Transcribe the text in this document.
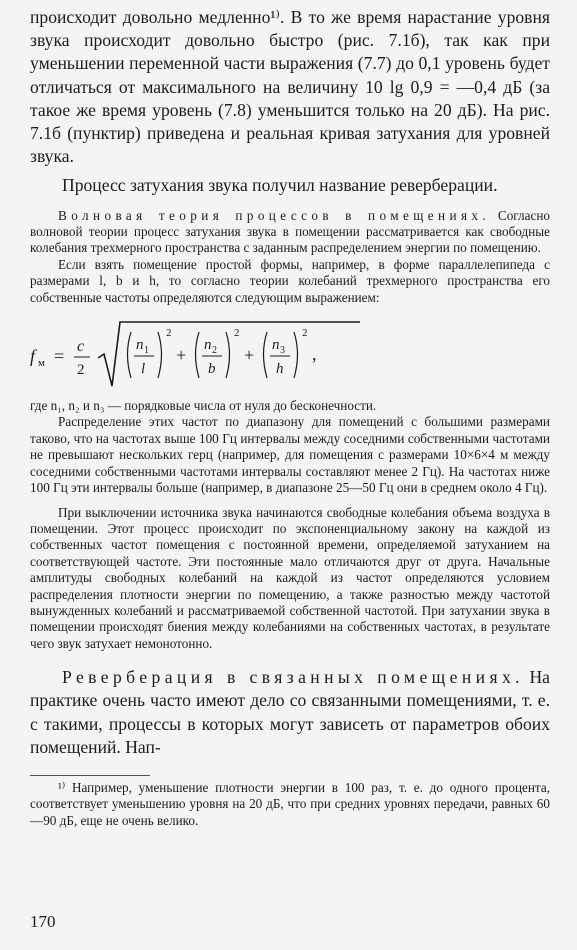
происходит довольно медленно¹⁾. В то же время нарастание уровня звука происходит довольно быстро (рис. 7.1б), так как при уменьшении переменной части выражения (7.7) до 0,1 уровень будет отличаться от максимального на величину 10 lg 0,9 = —0,4 дБ (за такое же время уровень (7.8) уменьшится только на 20 дБ). На рис. 7.1б (пунктир) приведена и реальная кривая затухания для уровней звука.

Процесс затухания звука получил название реверберации.

Волновая теория процессов в помещениях. Согласно волновой теории процесс затухания звука в помещении рассматривается как свободные колебания трехмерного пространства с заданным распределением энергии по помещению.

Если взять помещение простой формы, например, в форме параллелепипеда с размерами l, b и h, то согласно теории колебаний трехмерного пространства его собственные частоты определяются следующим выражением:

f м = c
2
n 1
l
2
+ n 2
b
2
+ n 3
h
2
,

где n₁, n₂ и n₃ — порядковые числа от нуля до бесконечности.

Распределение этих частот по диапазону для помещений с большими размерами таково, что на частотах выше 100 Гц интервалы между соседними собственными частотами не превышают нескольких герц (например, для помещения с размерами 10×6×4 м между соседними собственными частотами интервалы составляют менее 2 Гц). На частотах ниже 100 Гц эти интервалы больше (например, в диапазоне 25—50 Гц они в среднем около 4 Гц).

При выключении источника звука начинаются свободные колебания объема воздуха в помещении. Этот процесс происходит по экспоненциальному закону на каждой из собственных частот помещения с постоянной времени, определяемой затуханием на соответствующей частоте. Эти постоянные мало отличаются друг от друга. Начальные амплитуды свободных колебаний на каждой из частот определяются условием распределения плотности энергии по помещению, а также разностью между частотой вынужденных колебаний и рассматриваемой собственной частотой. При затухании звука в помещении происходят биения между колебаниями на собственных частотах, в результате чего звук затухает немонотонно.

Реверберация в связанных помещениях. На практике очень часто имеют дело со связанными помещениями, т. е. с такими, процессы в которых могут зависеть от параметров обоих помещений. Нап-

¹⁾ Например, уменьшение плотности энергии в 100 раз, т. е. до одного процента, соответствует уменьшению уровня на 20 дБ, что при средних уровнях передачи, равных 60—90 дБ, еще не очень велико.

170
